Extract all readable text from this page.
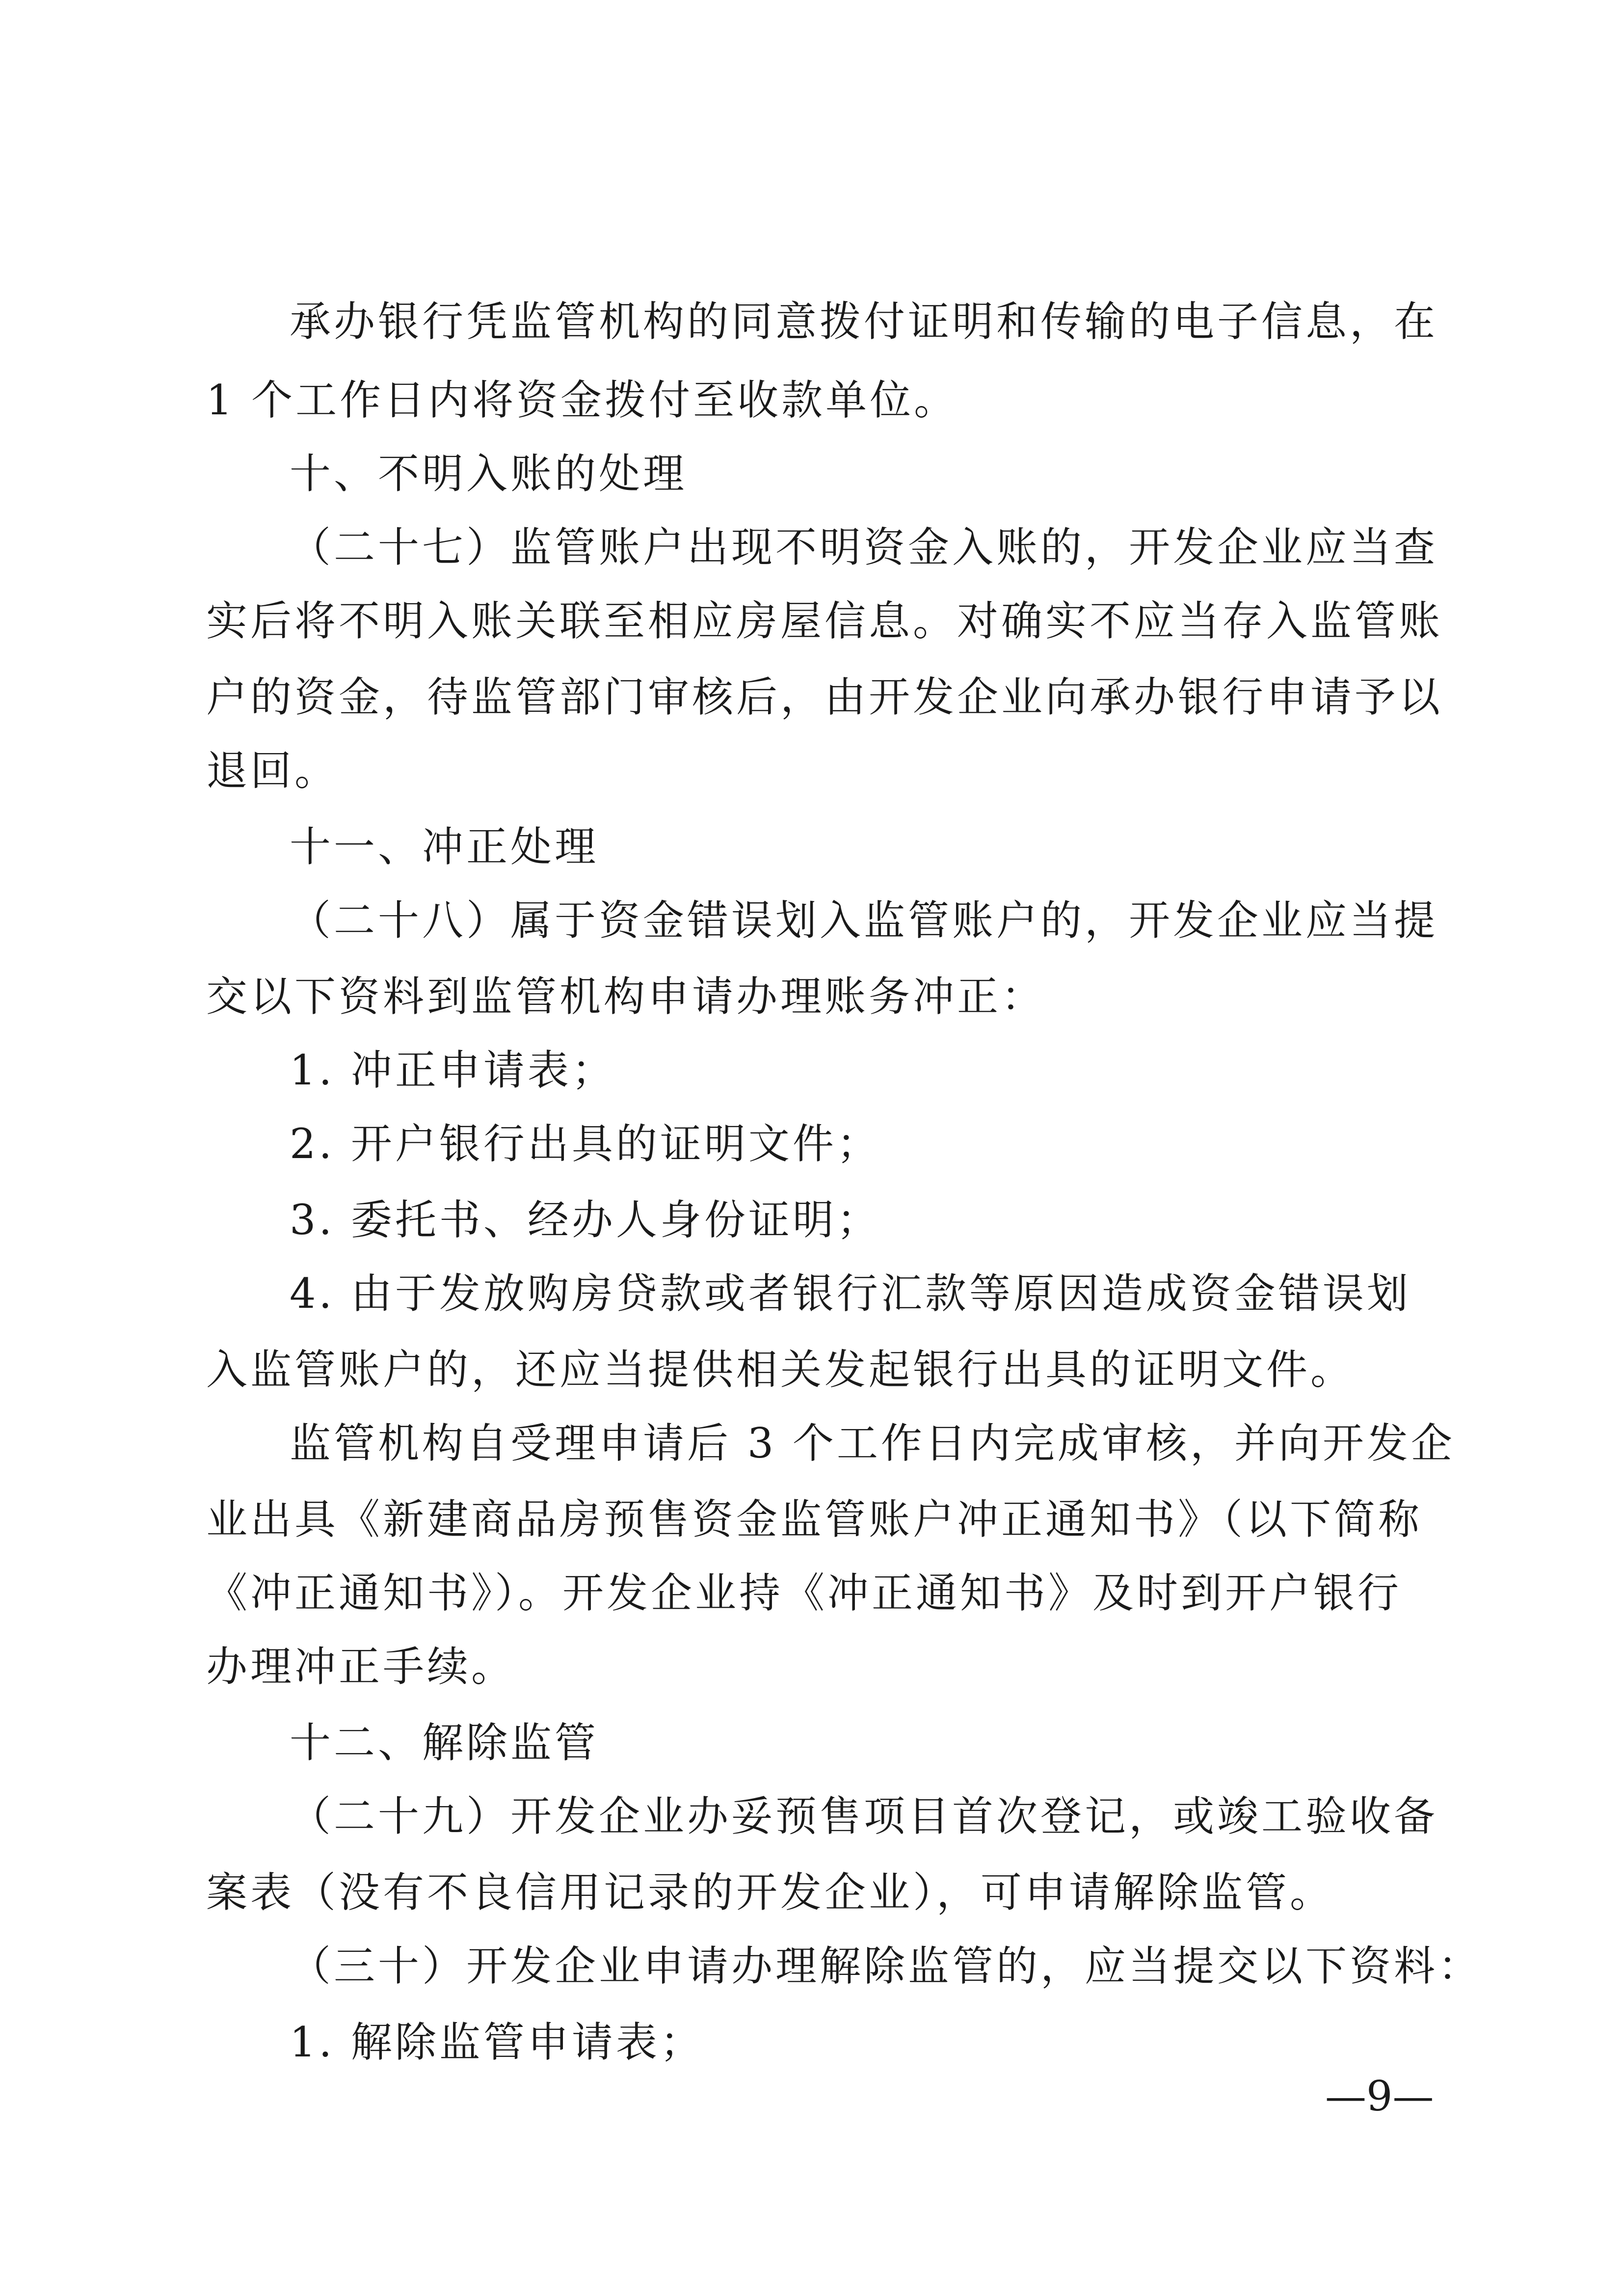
承办银行凭监管机构的同意拨付证明和传输的电子信息，在
1 个工作日内将资金拨付至收款单位。
十、不明入账的处理
（二十七）监管账户出现不明资金入账的，开发企业应当查
实后将不明入账关联至相应房屋信息。对确实不应当存入监管账
户的资金，待监管部门审核后，由开发企业向承办银行申请予以
退回。
十一、冲正处理
（二十八）属于资金错误划入监管账户的，开发企业应当提
交以下资料到监管机构申请办理账务冲正：
1. 冲正申请表；
2. 开户银行出具的证明文件；
3. 委托书、经办人身份证明；
4. 由于发放购房贷款或者银行汇款等原因造成资金错误划
入监管账户的，还应当提供相关发起银行出具的证明文件。
监管机构自受理申请后 3 个工作日内完成审核，并向开发企
业出具《新建商品房预售资金监管账户冲正通知书》（以下简称
《冲正通知书》）。开发企业持《冲正通知书》及时到开户银行
办理冲正手续。
十二、解除监管
（二十九）开发企业办妥预售项目首次登记，或竣工验收备
案表（没有不良信用记录的开发企业），可申请解除监管。
（三十）开发企业申请办理解除监管的，应当提交以下资料：
1. 解除监管申请表；
—9—
